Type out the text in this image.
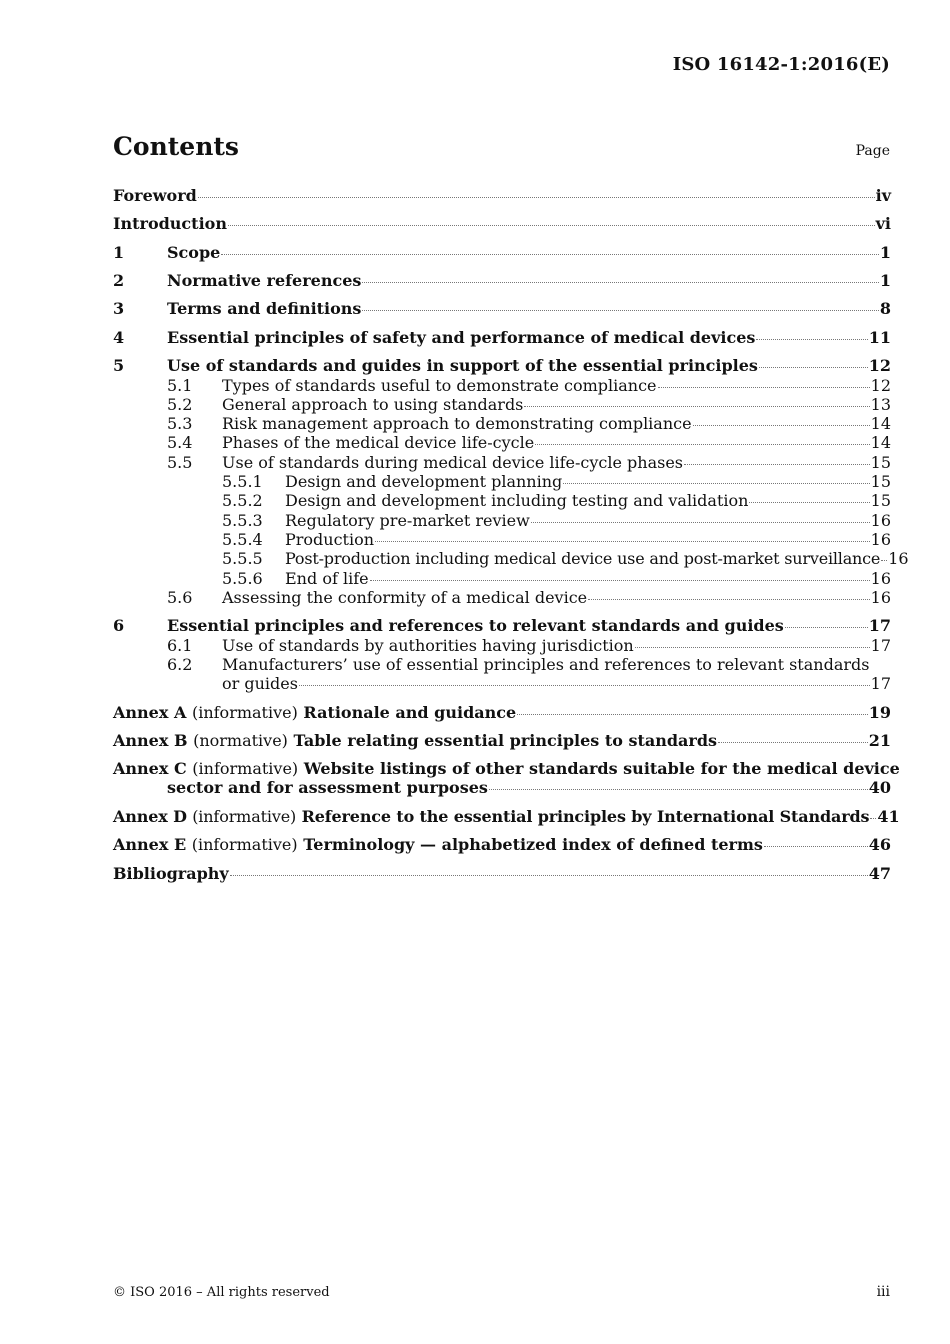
ISO 16142-1:2016(E)
Contents	Page
Foreword	iv
Introduction	vi
1	Scope	1
2	Normative references	1
3	Terms and definitions	8
4	Essential principles of safety and performance of medical devices	11
5	Use of standards and guides in support of the essential principles	12
5.1	Types of standards useful to demonstrate compliance	12
5.2	General approach to using standards	13
5.3	Risk management approach to demonstrating compliance	14
5.4	Phases of the medical device life-cycle	14
5.5	Use of standards during medical device life-cycle phases	15
5.5.1	Design and development planning	15
5.5.2	Design and development including testing and validation	15
5.5.3	Regulatory pre-market review	16
5.5.4	Production	16
5.5.5	Post-production including medical device use and post-market surveillance 16
5.5.6	End of life	16
5.6	Assessing the conformity of a medical device	16
6	Essential principles and references to relevant standards and guides	17
6.1	Use of standards by authorities having jurisdiction	17
6.2	Manufacturers’ use of essential principles and references to relevant standards
or guides	17
Annex A (informative) Rationale and guidance	19
Annex B (normative) Table relating essential principles to standards	21
Annex C (informative) Website listings of other standards suitable for the medical device
sector and for assessment purposes	40
Annex D (informative) Reference to the essential principles by International Standards 41
Annex E (informative) Terminology — alphabetized index of defined terms	46
Bibliography	47
© ISO 2016 – All rights reserved	iii
